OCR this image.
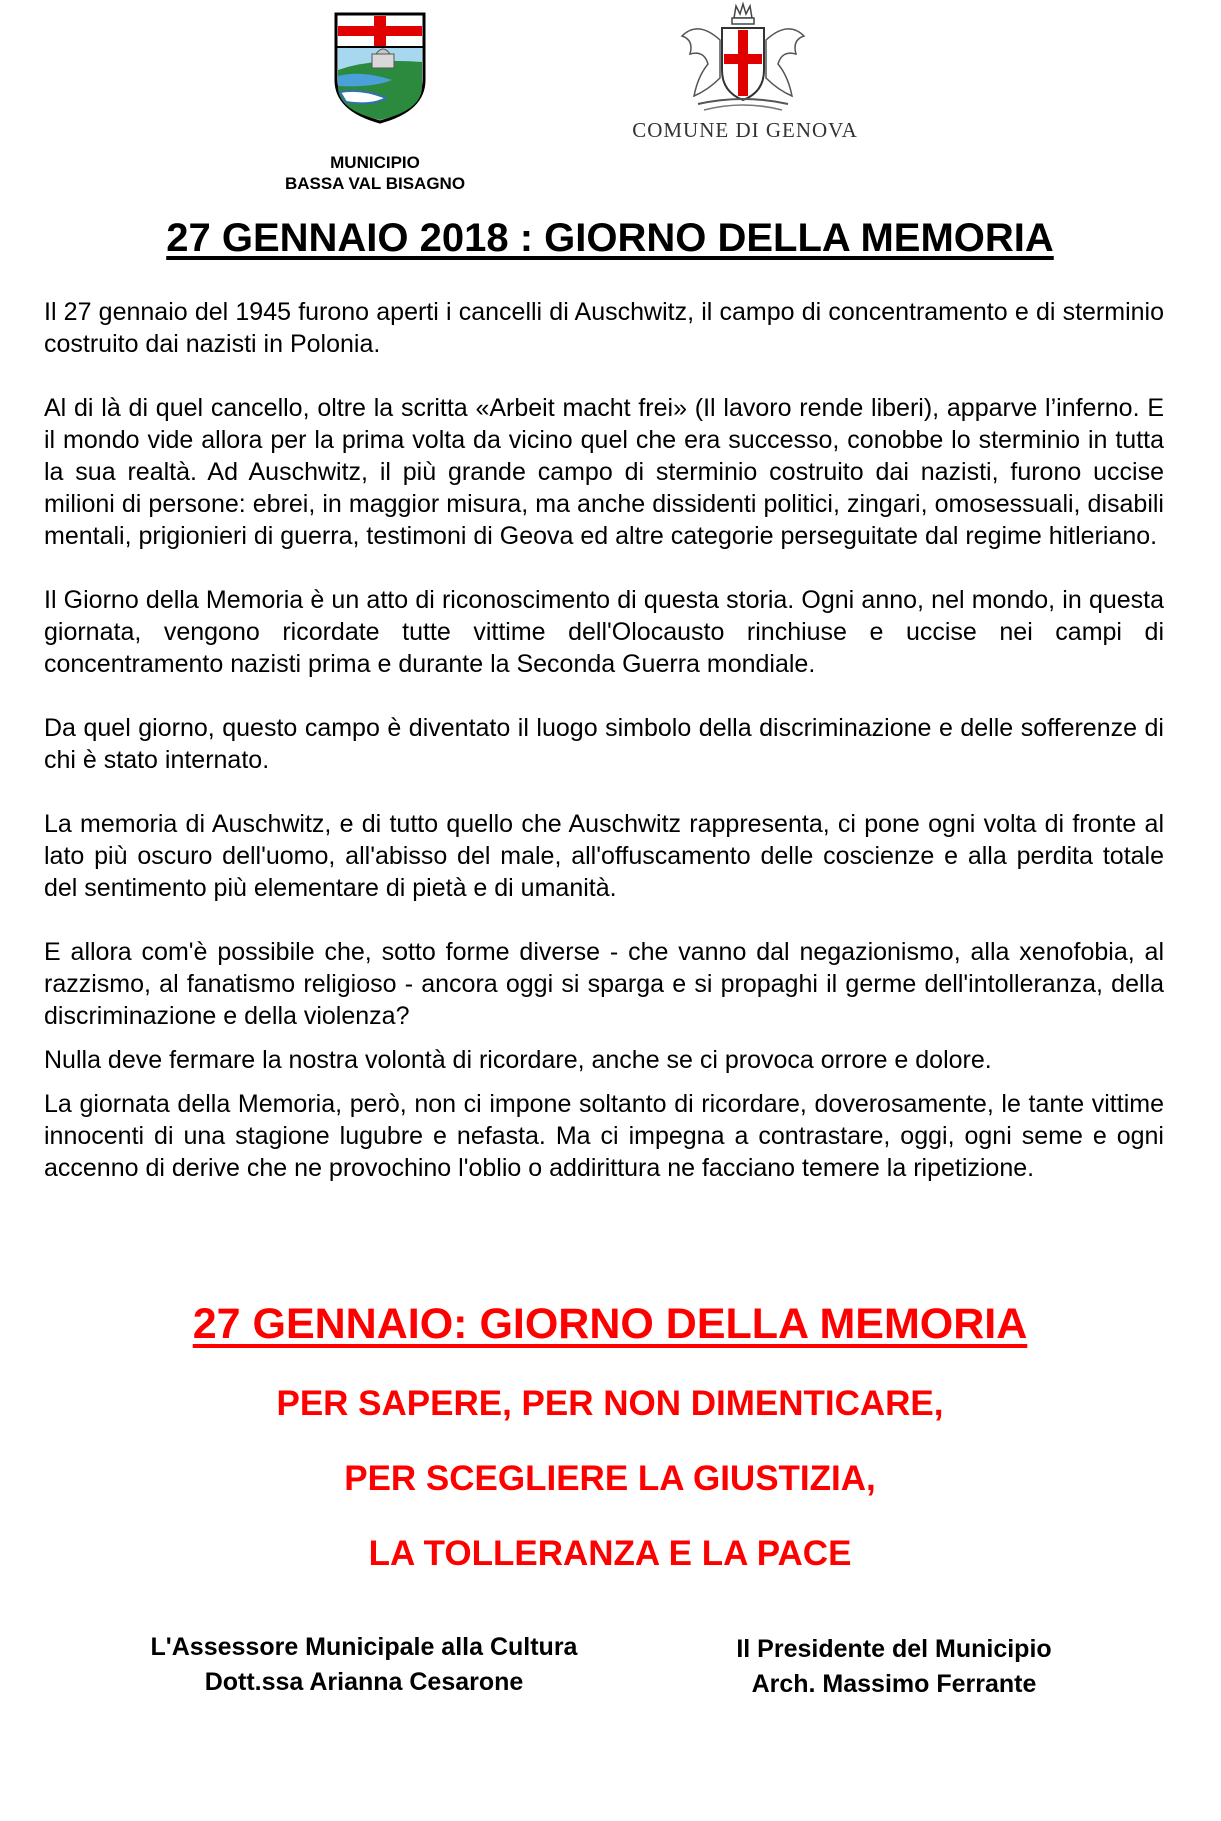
MUNICIPIO
BASSA VAL BISAGNO
COMUNE DI GENOVA
27 GENNAIO 2018 : GIORNO DELLA MEMORIA

Il 27 gennaio del 1945 furono aperti i cancelli di Auschwitz, il campo di concentramento e di sterminio costruito dai nazisti in Polonia.

Al di là di quel cancello, oltre la scritta «Arbeit macht frei» (Il lavoro rende liberi), apparve l’inferno. E il mondo vide allora per la prima volta da vicino quel che era successo, conobbe lo sterminio in tutta la sua realtà. Ad Auschwitz, il più grande campo di sterminio costruito dai nazisti, furono uccise milioni di persone: ebrei, in maggior misura, ma anche dissidenti politici, zingari, omosessuali, disabili mentali, prigionieri di guerra, testimoni di Geova ed altre categorie perseguitate dal regime hitleriano.

Il Giorno della Memoria è un atto di riconoscimento di questa storia. Ogni anno, nel mondo, in questa giornata, vengono ricordate tutte vittime dell'Olocausto rinchiuse e uccise nei campi di concentramento nazisti prima e durante la Seconda Guerra mondiale.

Da quel giorno, questo campo è diventato il luogo simbolo della discriminazione e delle sofferenze di chi è stato internato.

La memoria di Auschwitz, e di tutto quello che Auschwitz rappresenta, ci pone ogni volta di fronte al lato più oscuro dell'uomo, all'abisso del male, all'offuscamento delle coscienze e alla perdita totale del sentimento più elementare di pietà e di umanità.

E allora com'è possibile che, sotto forme diverse - che vanno dal negazionismo, alla xenofobia, al razzismo, al fanatismo religioso - ancora oggi si sparga e si propaghi il germe dell'intolleranza, della discriminazione e della violenza?

Nulla deve fermare la nostra volontà di ricordare, anche se ci provoca orrore e dolore.

La giornata della Memoria, però, non ci impone soltanto di ricordare, doverosamente, le tante vittime innocenti di una stagione lugubre e nefasta. Ma ci impegna a contrastare, oggi, ogni seme e ogni accenno di derive che ne provochino l'oblio o addirittura ne facciano temere la ripetizione.

27 GENNAIO: GIORNO DELLA MEMORIA
PER SAPERE, PER NON DIMENTICARE,
PER SCEGLIERE LA GIUSTIZIA,
LA TOLLERANZA E LA PACE
L'Assessore Municipale alla Cultura
Dott.ssa Arianna Cesarone
Il Presidente del Municipio
Arch. Massimo Ferrante
